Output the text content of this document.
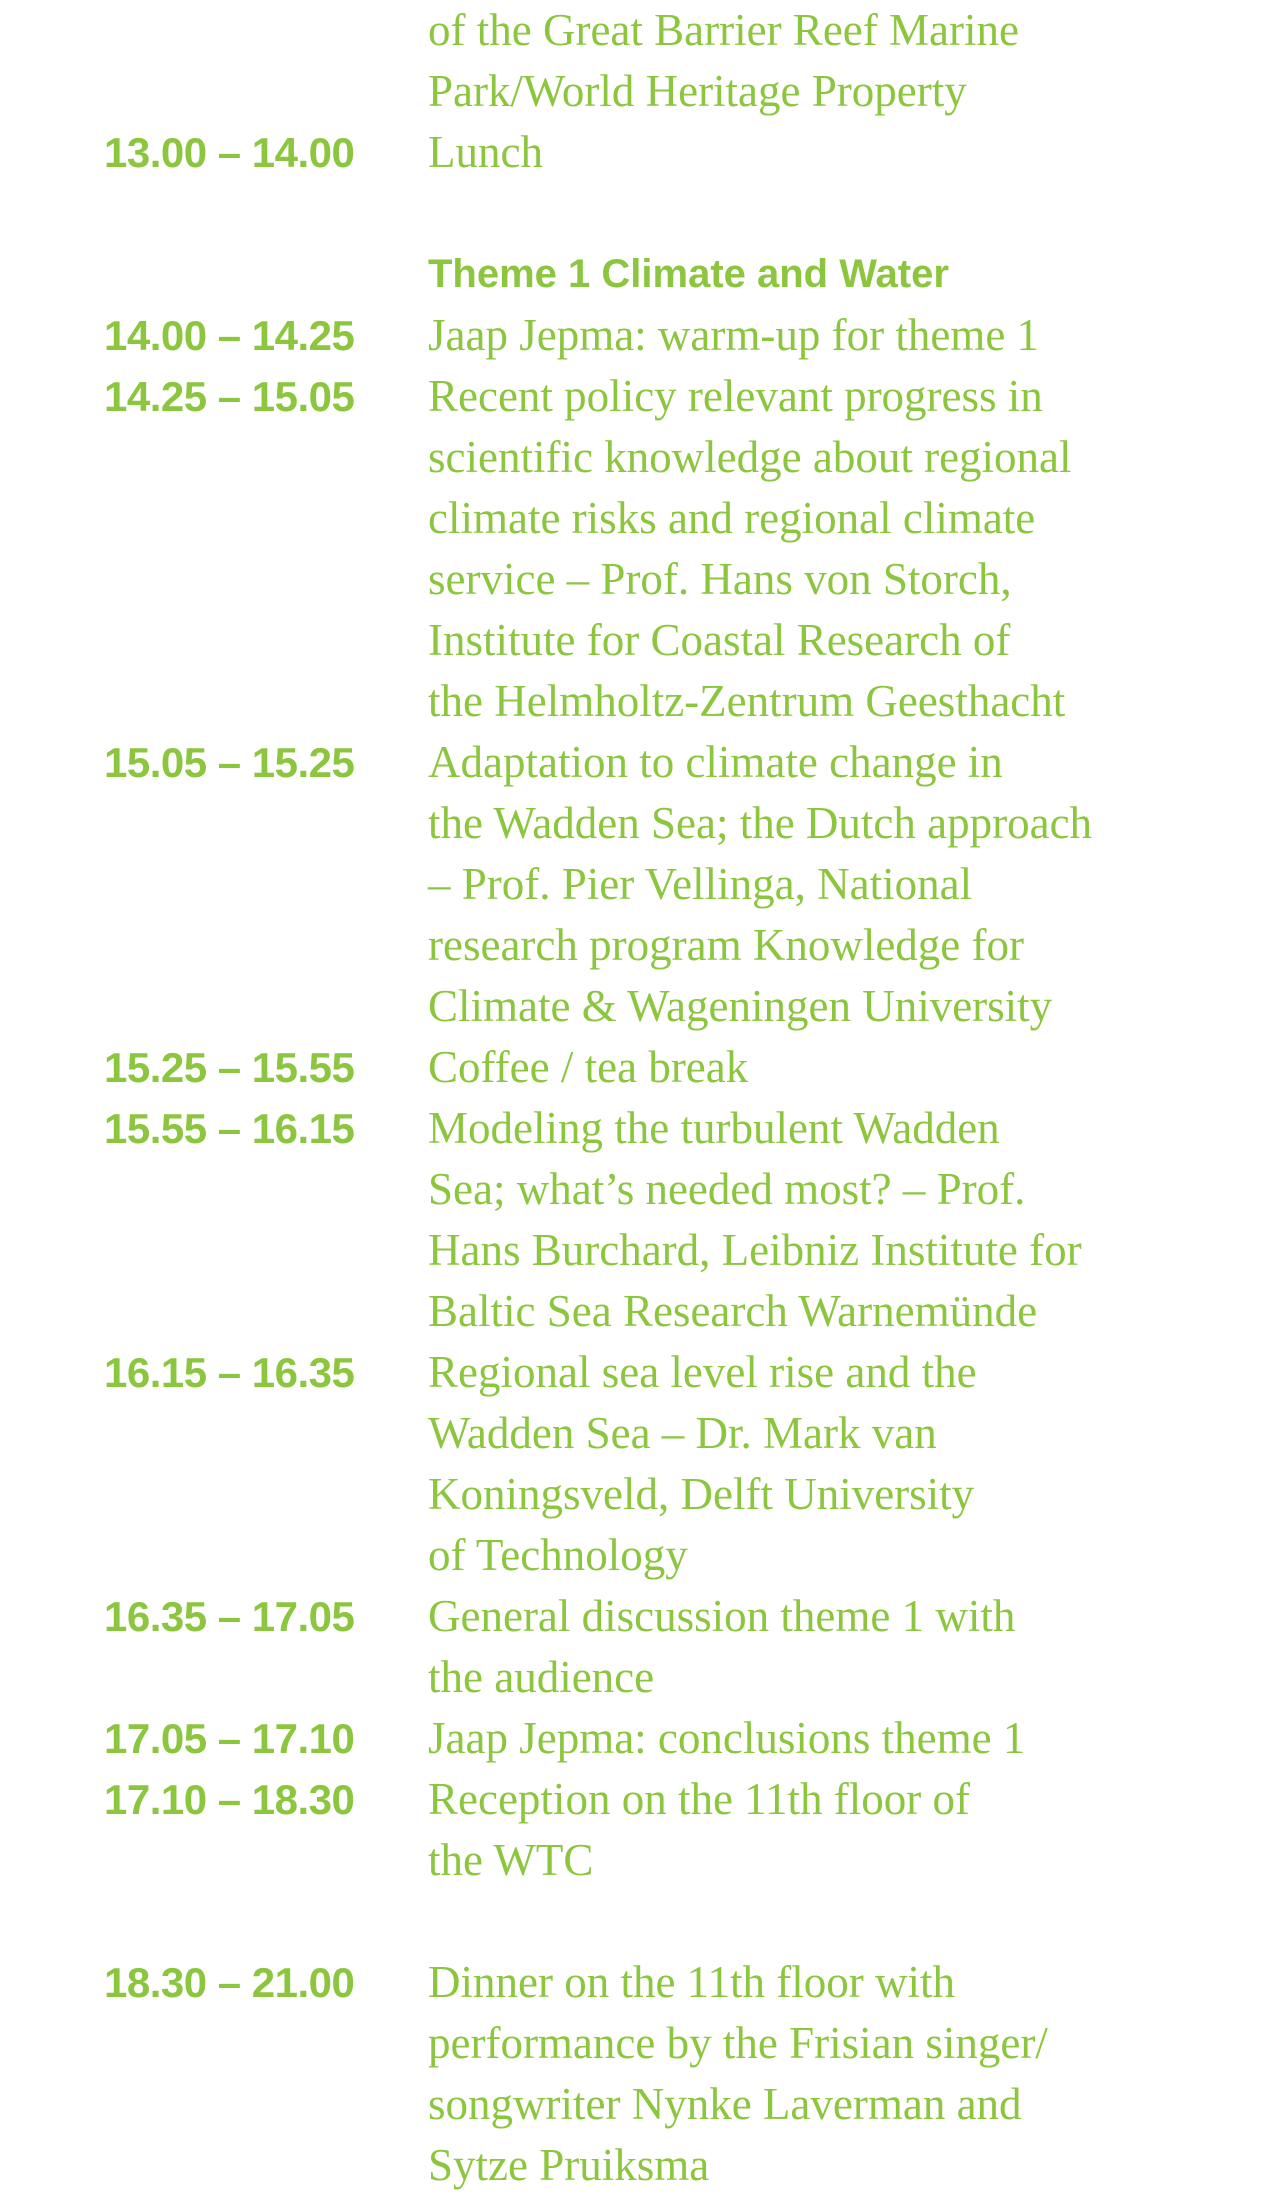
of the Great Barrier Reef Marine
Park/World Heritage Property
13.00 – 14.00	Lunch
Theme 1 Climate and Water
14.00 – 14.25	Jaap Jepma: warm-up for theme 1
14.25 – 15.05	Recent policy relevant progress in
scientific knowledge about regional
climate risks and regional climate
service – Prof. Hans von Storch,
Institute for Coastal Research of
the Helmholtz-Zentrum Geesthacht
15.05 – 15.25	Adaptation to climate change in
the Wadden Sea; the Dutch approach
– Prof. Pier Vellinga, National
research program Knowledge for
Climate & Wageningen University
15.25 – 15.55	Coffee / tea break
15.55 – 16.15	Modeling the turbulent Wadden
Sea; what’s needed most? – Prof.
Hans Burchard, Leibniz Institute for
Baltic Sea Research Warnemünde
16.15 – 16.35	Regional sea level rise and the
Wadden Sea – Dr. Mark van
Koningsveld, Delft University
of Technology
16.35 – 17.05	General discussion theme 1 with
the audience
17.05 – 17.10	Jaap Jepma: conclusions theme 1
17.10 – 18.30	Reception on the 11th floor of
the WTC
18.30 – 21.00	Dinner on the 11th floor with
performance by the Frisian singer/
songwriter Nynke Laverman and
Sytze Pruiksma
